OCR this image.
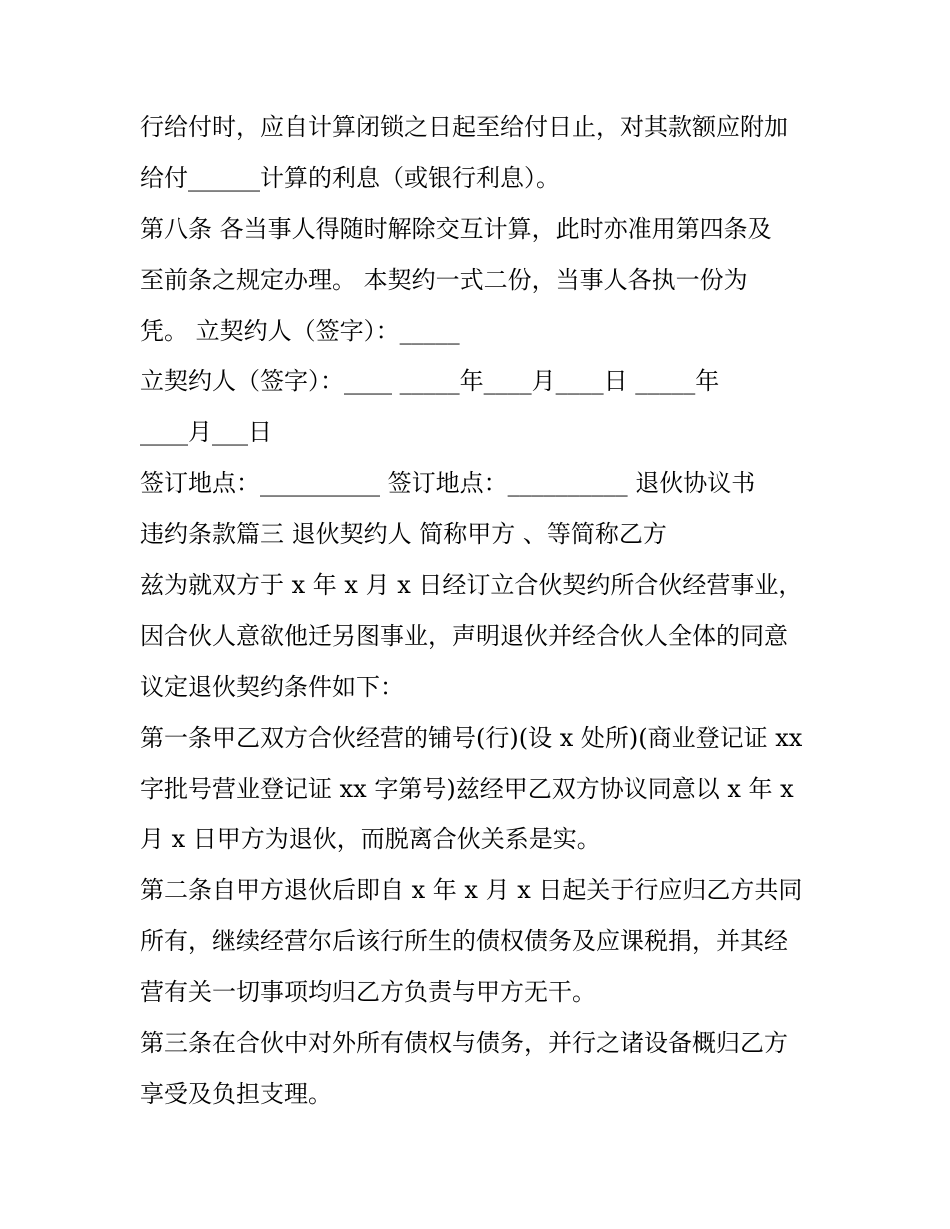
行给付时，应自计算闭锁之日起至给付日止，对其款额应附加
给付______计算的利息（或银行利息）。
第八条 各当事人得随时解除交互计算，此时亦准用第四条及
至前条之规定办理。 本契约一式二份，当事人各执一份为
凭。 立契约人（签字）：_____
立契约人（签字）：____ _____年____月____日 _____年
____月___日
签订地点：__________ 签订地点：__________ 退伙协议书
违约条款篇三 退伙契约人 简称甲方 、等简称乙方
兹为就双方于 x 年 x 月 x 日经订立合伙契约所合伙经营事业，
因合伙人意欲他迁另图事业，声明退伙并经合伙人全体的同意
议定退伙契约条件如下：
第一条甲乙双方合伙经营的铺号(行)(设 x 处所)(商业登记证 xx
字批号营业登记证 xx 字第号)兹经甲乙双方协议同意以 x 年 x
月 x 日甲方为退伙，而脱离合伙关系是实。
第二条自甲方退伙后即自 x 年 x 月 x 日起关于行应归乙方共同
所有，继续经营尔后该行所生的债权债务及应课税捐，并其经
营有关一切事项均归乙方负责与甲方无干。
第三条在合伙中对外所有债权与债务，并行之诸设备概归乙方
享受及负担支理。
